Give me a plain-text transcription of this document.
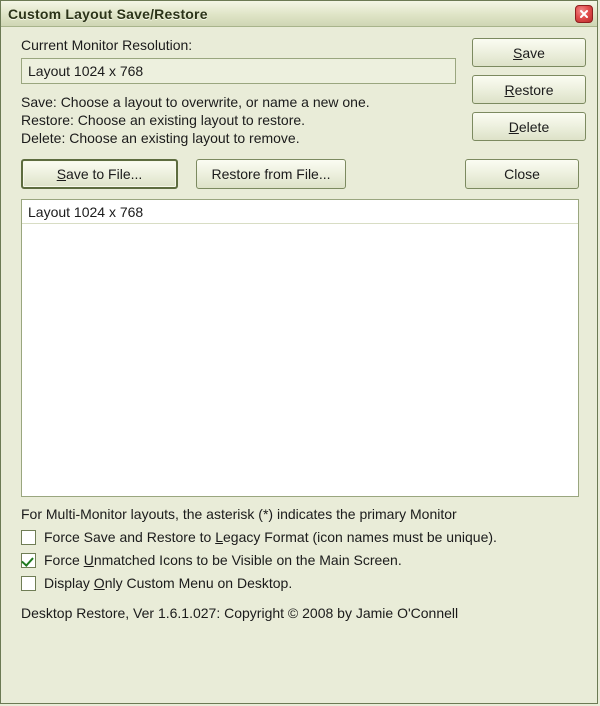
Custom Layout Save/Restore
Current Monitor Resolution:
Layout 1024 x 768
Save: Choose a layout to overwrite, or name a new one.
Restore: Choose an existing layout to restore.
Delete: Choose an existing layout to remove.
Save
Restore
Delete
Save to File...	Restore from File...	Close
Layout 1024 x 768
For Multi-Monitor layouts, the asterisk (*) indicates the primary Monitor
Force Save and Restore to Legacy Format (icon names must be unique).
Force Unmatched Icons to be Visible on the Main Screen.
Display Only Custom Menu on Desktop.
Desktop Restore, Ver 1.6.1.027: Copyright © 2008 by Jamie O'Connell
